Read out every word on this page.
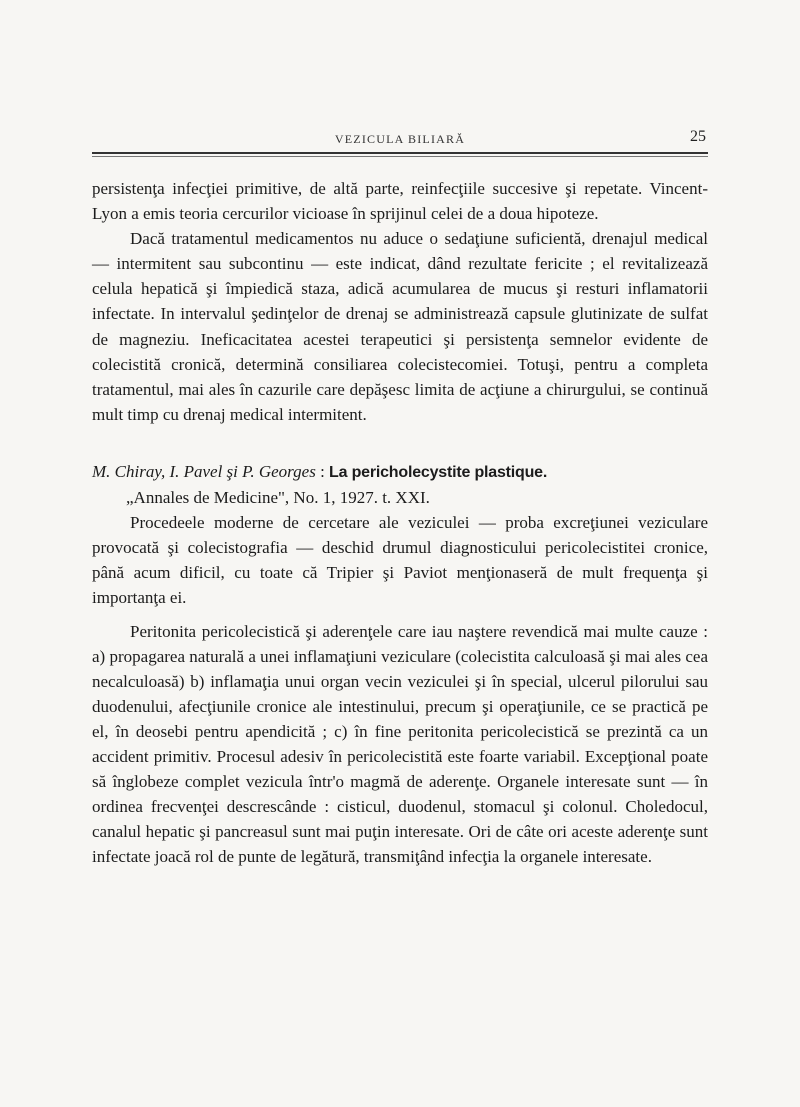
VEZICULA BILIARĂ	25

persistenţa infecţiei primitive, de altă parte, reinfecţiile succesive şi repetate. Vincent-Lyon a emis teoria cercurilor vicioase în sprijinul celei de a doua hipoteze.

Dacă tratamentul medicamentos nu aduce o sedaţiune suficientă, drenajul medical — intermitent sau subcontinu — este indicat, dând rezultate fericite ; el revitalizează celula hepatică şi împiedică staza, adică acumularea de mucus şi resturi inflamatorii infectate. In intervalul şedinţelor de drenaj se administrează capsule glutinizate de sulfat de magneziu. Ineficacitatea acestei terapeutici şi persistenţa semnelor evidente de colecistită cronică, determină consiliarea colecistecomiei. Totuşi, pentru a completa tratamentul, mai ales în cazurile care depăşesc limita de acţiune a chirurgului, se continuă mult timp cu drenaj medical intermitent.

M. Chiray, I. Pavel şi P. Georges : La pericholecystite plastique.

„Annales de Medicine", No. 1, 1927. t. XXI.

Procedeele moderne de cercetare ale veziculei — proba excreţiunei veziculare provocată şi colecistografia — deschid drumul diagnosticului pericolecistitei cronice, până acum dificil, cu toate că Tripier şi Paviot menţionaseră de mult frequenţa şi importanţa ei.

Peritonita pericolecistică şi aderenţele care iau naştere revendică mai multe cauze : a) propagarea naturală a unei inflamaţiuni veziculare (colecistita calculoasă şi mai ales cea necalculoasă) b) inflamaţia unui organ vecin veziculei şi în special, ulcerul pilorului sau duodenului, afecţiunile cronice ale intestinului, precum şi operaţiunile, ce se practică pe el, în deosebi pentru apendicită ; c) în fine peritonita pericolecistică se prezintă ca un accident primitiv. Procesul adesiv în pericolecistită este foarte variabil. Excepţional poate să înglobeze complet vezicula într'o magmă de aderenţe. Organele interesate sunt — în ordinea frecvenţei descrescânde : cisticul, duodenul, stomacul şi colonul. Choledocul, canalul hepatic şi pancreasul sunt mai puţin interesate. Ori de câte ori aceste aderenţe sunt infectate joacă rol de punte de legătură, transmiţând infecţia la organele interesate.
